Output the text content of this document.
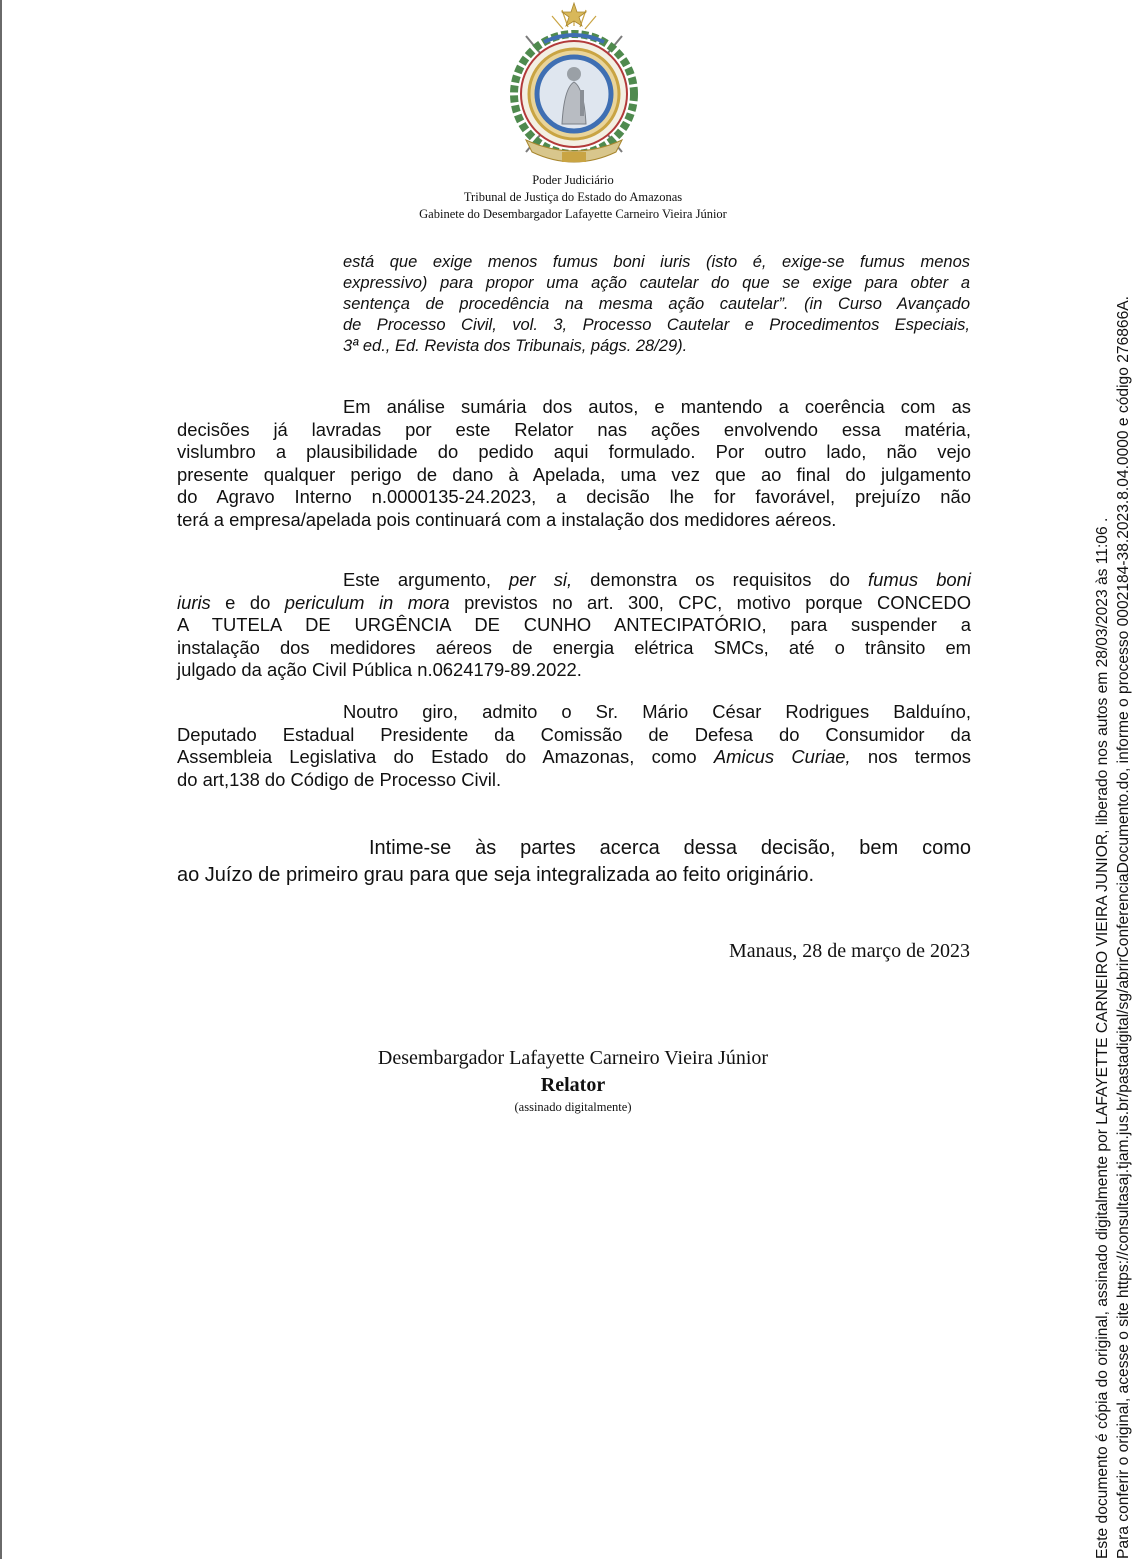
Poder Judiciário
Tribunal de Justiça do Estado do Amazonas
Gabinete do Desembargador Lafayette Carneiro Vieira Júnior
está que exige menos fumus boni iuris (isto é, exige-se fumus menos
expressivo) para propor uma ação cautelar do que se exige para obter a
sentença de procedência na mesma ação cautelar”. (in Curso Avançado
de Processo Civil, vol. 3, Processo Cautelar e Procedimentos Especiais,
3ª ed., Ed. Revista dos Tribunais, págs. 28/29).
Em análise sumária dos autos, e mantendo a coerência com as
decisões já lavradas por este Relator nas ações envolvendo essa matéria,
vislumbro a plausibilidade do pedido aqui formulado. Por outro lado, não vejo
presente qualquer perigo de dano à Apelada, uma vez que ao final do julgamento
do Agravo Interno n.0000135-24.2023, a decisão lhe for favorável, prejuízo não
terá a empresa/apelada pois continuará com a instalação dos medidores aéreos.
Este argumento, per si, demonstra os requisitos do fumus boni
iuris e do periculum in mora previstos no art. 300, CPC, motivo porque CONCEDO
A TUTELA DE URGÊNCIA DE CUNHO ANTECIPATÓRIO, para suspender a
instalação dos medidores aéreos de energia elétrica SMCs, até o trânsito em
julgado da ação Civil Pública n.0624179-89.2022.
Noutro giro, admito o Sr. Mário César Rodrigues Balduíno,
Deputado Estadual Presidente da Comissão de Defesa do Consumidor da
Assembleia Legislativa do Estado do Amazonas, como Amicus Curiae, nos termos
do art,138 do Código de Processo Civil.
Intime-se às partes acerca dessa decisão, bem como
ao Juízo de primeiro grau para que seja integralizada ao feito originário.
Manaus, 28 de março de 2023
Desembargador Lafayette Carneiro Vieira Júnior
Relator
(assinado digitalmente)	Este documento é cópia do original, assinado digitalmente por LAFAYETTE CARNEIRO VIEIRA JUNIOR, liberado nos autos em 28/03/2023 às 11:06 . Para conferir o original, acesse o site https://consultasaj.tjam.jus.br/pastadigital/sg/abrirConferenciaDocumento.do, informe o processo 0002184-38.2023.8.04.0000 e código 276866A.
